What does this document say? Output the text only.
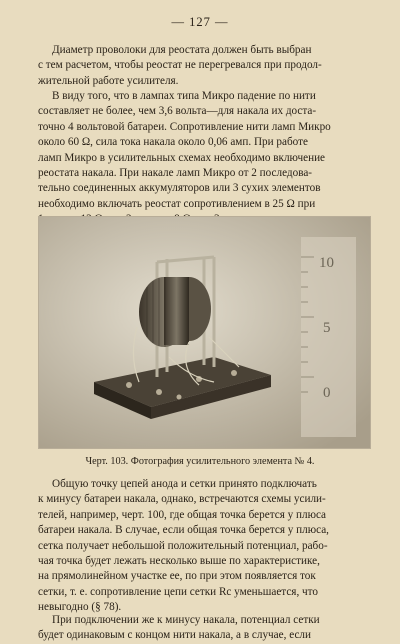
— 127 —
Диаметр проволоки для реостата должен быть выбран
с тем расчетом, чтобы реостат не перегревался при продол-
жительной работе усилителя.
В виду того, что в лампах типа Микро падение по нити
составляет не более, чем 3,6 вольта—для накала их доста-
точно 4 вольтовой батареи. Сопротивление нити ламп Микро
около 60 Ω, сила тока накала около 0,06 амп. При работе
ламп Микро в усилительных схемах необходимо включение
реостата накала. При накале ламп Микро от 2 последова-
тельно соединенных аккумуляторов или 3 сухих элементов
необходимо включать реостат сопротивлением в 25 Ω при
10
5
0
Черт. 103. Фотография усилительного элемента № 4.
Общую точку цепей анода и сетки принято подключать
к минусу батареи накала, однако, встречаются схемы усили-
телей, например, черт. 100, где общая точка берется у плюса
батареи накала. В случае, если общая точка берется у плюса,
сетка получает небольшой положительный потенциал, рабо-
чая точка будет лежать несколько выше по характеристике,
на прямолинейном участке ее, по при этом появляется ток
сетки, т. е. сопротивление цепи сетки Rc уменьшается, что
невыгодно (§ 78).
При подключении же к минусу накала, потенциал сетки
будет одинаковым с концом нити накала, а в случае, если
